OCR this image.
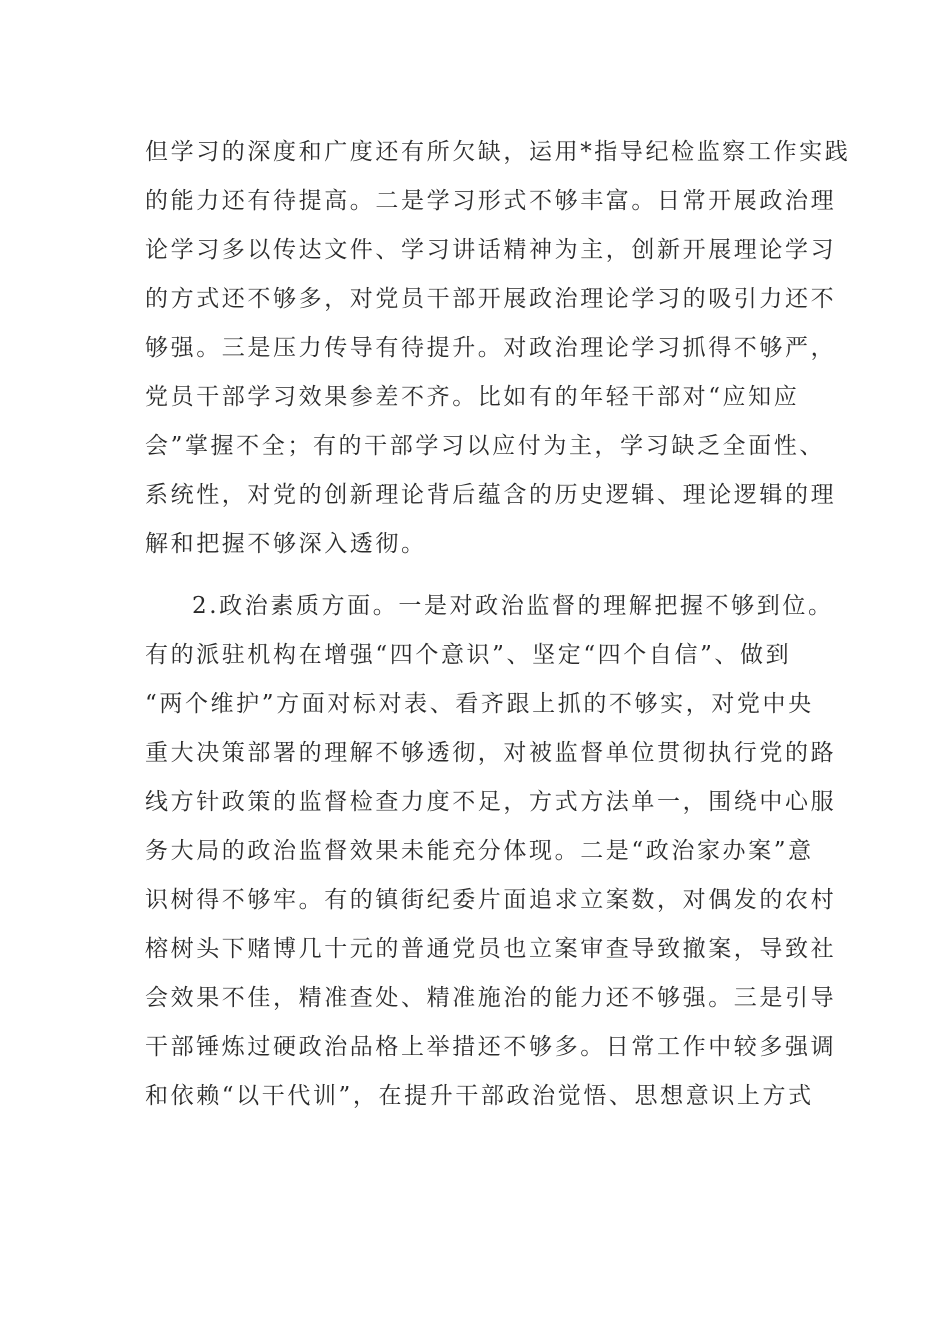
但学习的深度和广度还有所欠缺，运用*指导纪检监察工作实践
的能力还有待提高。二是学习形式不够丰富。日常开展政治理
论学习多以传达文件、学习讲话精神为主，创新开展理论学习
的方式还不够多，对党员干部开展政治理论学习的吸引力还不
够强。三是压力传导有待提升。对政治理论学习抓得不够严，
党员干部学习效果参差不齐。比如有的年轻干部对“应知应
会”掌握不全；有的干部学习以应付为主，学习缺乏全面性、
系统性，对党的创新理论背后蕴含的历史逻辑、理论逻辑的理
解和把握不够深入透彻。
2.政治素质方面。一是对政治监督的理解把握不够到位。
有的派驻机构在增强“四个意识”、坚定“四个自信”、做到
“两个维护”方面对标对表、看齐跟上抓的不够实，对党中央
重大决策部署的理解不够透彻，对被监督单位贯彻执行党的路
线方针政策的监督检查力度不足，方式方法单一，围绕中心服
务大局的政治监督效果未能充分体现。二是“政治家办案”意
识树得不够牢。有的镇街纪委片面追求立案数，对偶发的农村
榕树头下赌博几十元的普通党员也立案审查导致撤案，导致社
会效果不佳，精准查处、精准施治的能力还不够强。三是引导
干部锤炼过硬政治品格上举措还不够多。日常工作中较多强调
和依赖“以干代训”，在提升干部政治觉悟、思想意识上方式
